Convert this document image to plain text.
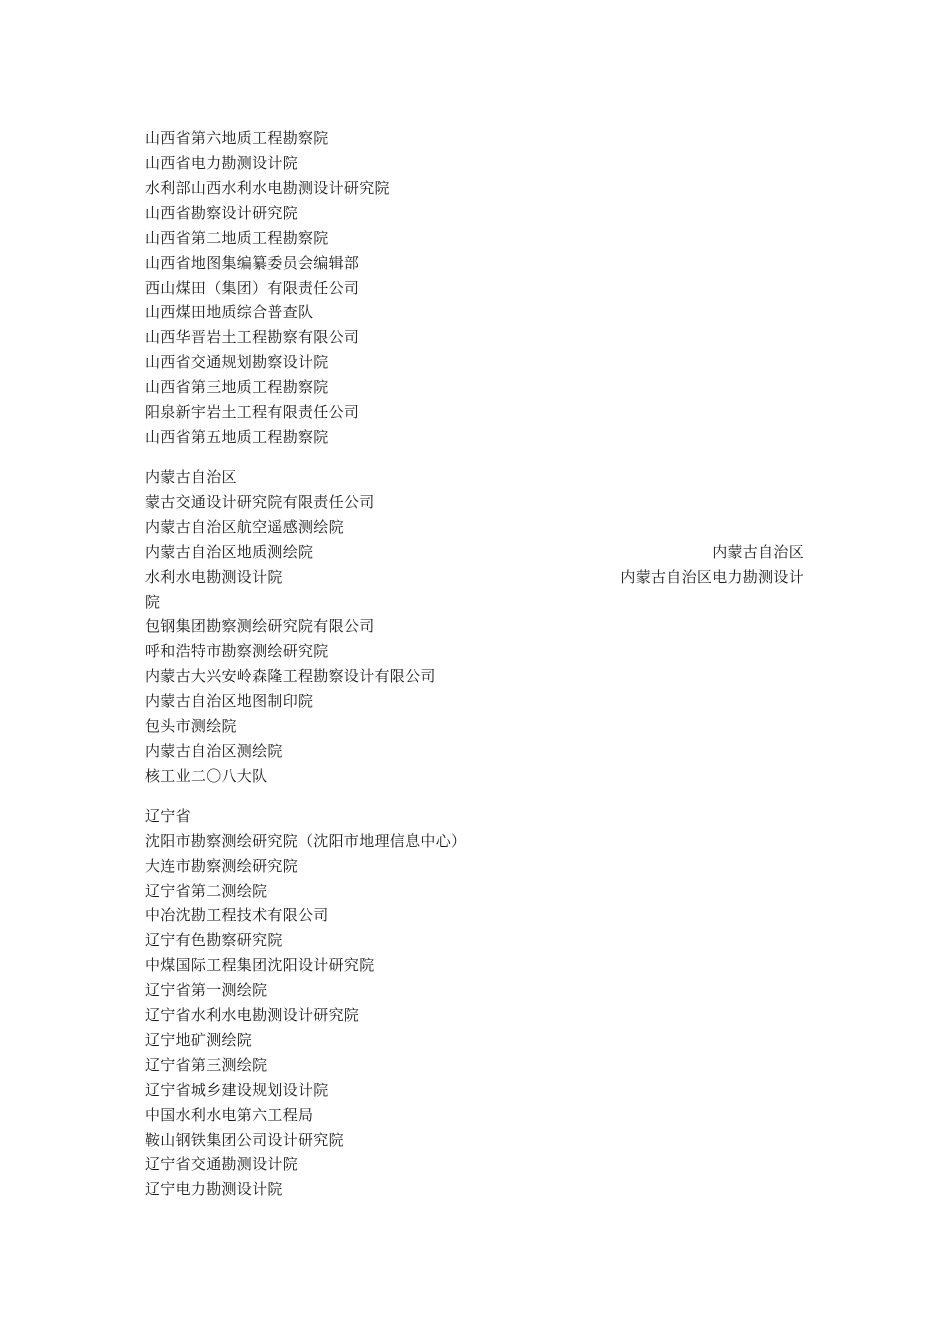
山西省第六地质工程勘察院
山西省电力勘测设计院
水利部山西水利水电勘测设计研究院
山西省勘察设计研究院
山西省第二地质工程勘察院
山西省地图集编纂委员会编辑部
西山煤田（集团）有限责任公司
山西煤田地质综合普查队
山西华晋岩土工程勘察有限公司
山西省交通规划勘察设计院
山西省第三地质工程勘察院
阳泉新宇岩土工程有限责任公司
山西省第五地质工程勘察院
内蒙古自治区
蒙古交通设计研究院有限责任公司
内蒙古自治区航空遥感测绘院
内蒙古自治区地质测绘院	内蒙古自治区
水利水电勘测设计院	内蒙古自治区电力勘测设计
院
包钢集团勘察测绘研究院有限公司
呼和浩特市勘察测绘研究院
内蒙古大兴安岭森隆工程勘察设计有限公司
内蒙古自治区地图制印院
包头市测绘院
内蒙古自治区测绘院
核工业二〇八大队
辽宁省
沈阳市勘察测绘研究院（沈阳市地理信息中心）
大连市勘察测绘研究院
辽宁省第二测绘院
中冶沈勘工程技术有限公司
辽宁有色勘察研究院
中煤国际工程集团沈阳设计研究院
辽宁省第一测绘院
辽宁省水利水电勘测设计研究院
辽宁地矿测绘院
辽宁省第三测绘院
辽宁省城乡建设规划设计院
中国水利水电第六工程局
鞍山钢铁集团公司设计研究院
辽宁省交通勘测设计院
辽宁电力勘测设计院
